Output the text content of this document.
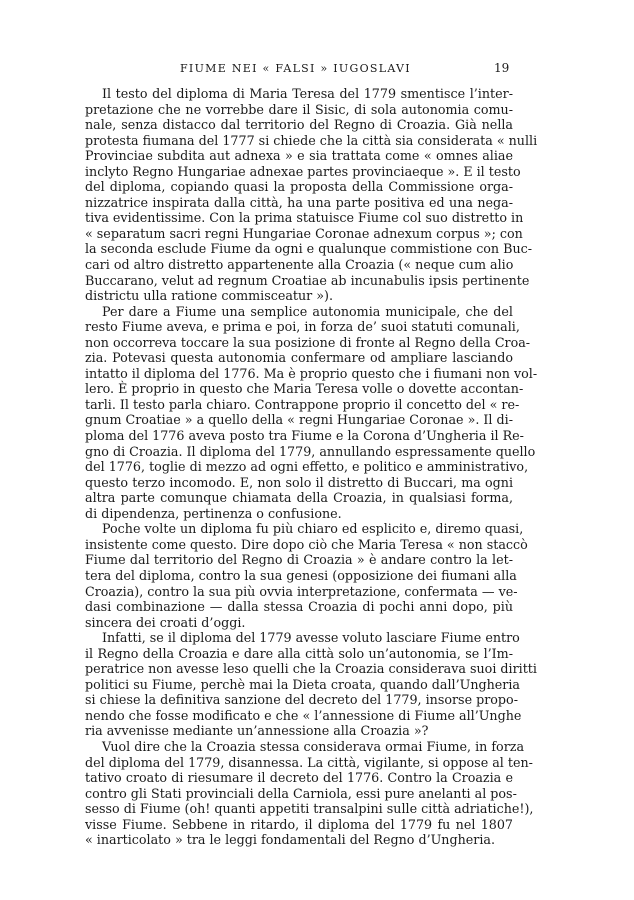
FIUME NEI « FALSI » IUGOSLAVI	19
Il testo del diploma di Maria Teresa del 1779 smentisce l’inter-
pretazione che ne vorrebbe dare il Sisic, di sola autonomia comu-
nale, senza distacco dal territorio del Regno di Croazia. Già nella
protesta fiumana del 1777 si chiede che la città sia considerata « nulli
Provinciae subdita aut adnexa » e sia trattata come « omnes aliae
inclyto Regno Hungariae adnexae partes provinciaeque ». E il testo
del diploma, copiando quasi la proposta della Commissione orga-
nizzatrice inspirata dalla città, ha una parte positiva ed una nega-
tiva evidentissime. Con la prima statuisce Fiume col suo distretto in
« separatum sacri regni Hungariae Coronae adnexum corpus »; con
la seconda esclude Fiume da ogni e qualunque commistione con Buc-
cari od altro distretto appartenente alla Croazia (« neque cum alio
Buccarano, velut ad regnum Croatiae ab incunabulis ipsis pertinente
districtu ulla ratione commisceatur »).
Per dare a Fiume una semplice autonomia municipale, che del
resto Fiume aveva, e prima e poi, in forza de’ suoi statuti comunali,
non occorreva toccare la sua posizione di fronte al Regno della Croa-
zia. Potevasi questa autonomia confermare od ampliare lasciando
intatto il diploma del 1776. Ma è proprio questo che i fiumani non vol-
lero. È proprio in questo che Maria Teresa volle o dovette accontan-
tarli. Il testo parla chiaro. Contrappone proprio il concetto del « re-
gnum Croatiae » a quello della « regni Hungariae Coronae ». Il di-
ploma del 1776 aveva posto tra Fiume e la Corona d’Ungheria il Re-
gno di Croazia. Il diploma del 1779, annullando espressamente quello
del 1776, toglie di mezzo ad ogni effetto, e politico e amministrativo,
questo terzo incomodo. E, non solo il distretto di Buccari, ma ogni
altra parte comunque chiamata della Croazia, in qualsiasi forma,
di dipendenza, pertinenza o confusione.
Poche volte un diploma fu più chiaro ed esplicito e, diremo quasi,
insistente come questo. Dire dopo ciò che Maria Teresa « non staccò
Fiume dal territorio del Regno di Croazia » è andare contro la let-
tera del diploma, contro la sua genesi (opposizione dei fiumani alla
Croazia), contro la sua più ovvia interpretazione, confermata — ve-
dasi combinazione — dalla stessa Croazia di pochi anni dopo, più
sincera dei croati d’oggi.
Infatti, se il diploma del 1779 avesse voluto lasciare Fiume entro
il Regno della Croazia e dare alla città solo un’autonomia, se l’Im-
peratrice non avesse leso quelli che la Croazia considerava suoi diritti
politici su Fiume, perchè mai la Dieta croata, quando dall’Ungheria
si chiese la definitiva sanzione del decreto del 1779, insorse propo-
nendo che fosse modificato e che « l’annessione di Fiume all’Unghe
ria avvenisse mediante un’annessione alla Croazia »?
Vuol dire che la Croazia stessa considerava ormai Fiume, in forza
del diploma del 1779, disannessa. La città, vigilante, si oppose al ten-
tativo croato di riesumare il decreto del 1776. Contro la Croazia e
contro gli Stati provinciali della Carniola, essi pure anelanti al pos-
sesso di Fiume (oh! quanti appetiti transalpini sulle città adriatiche!),
visse Fiume. Sebbene in ritardo, il diploma del 1779 fu nel 1807
« inarticolato » tra le leggi fondamentali del Regno d’Ungheria.
